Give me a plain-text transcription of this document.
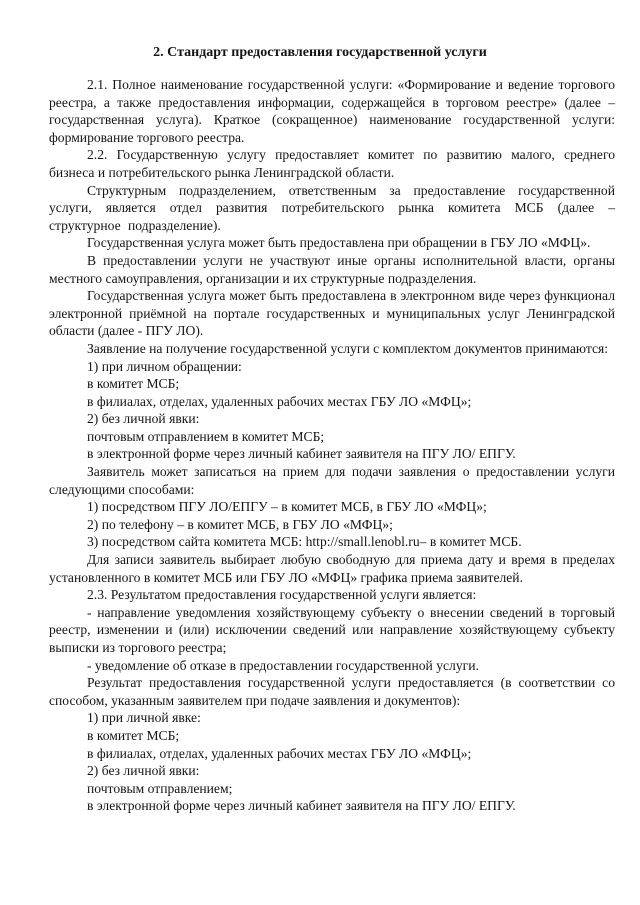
2. Стандарт предоставления государственной услуги

2.1. Полное наименование государственной услуги: «Формирование и ведение торгового реестра, а также предоставления информации, содержащейся в торговом реестре» (далее – государственная услуга). Краткое (сокращенное) наименование государственной услуги: формирование торгового реестра.

2.2. Государственную услугу предоставляет комитет по развитию малого, среднего бизнеса и потребительского рынка Ленинградской области.

Структурным подразделением, ответственным за предоставление государственной услуги, является отдел развития потребительского рынка комитета МСБ (далее – структурное подразделение).

Государственная услуга может быть предоставлена при обращении в ГБУ ЛО «МФЦ».

В предоставлении услуги не участвуют иные органы исполнительной власти, органы местного самоуправления, организации и их структурные подразделения.

Государственная услуга может быть предоставлена в электронном виде через функционал электронной приёмной на портале государственных и муниципальных услуг Ленинградской области (далее - ПГУ ЛО).

Заявление на получение государственной услуги с комплектом документов принимаются:

1) при личном обращении:

в комитет МСБ;

в филиалах, отделах, удаленных рабочих местах ГБУ ЛО «МФЦ»;

2) без личной явки:

почтовым отправлением в комитет МСБ;

в электронной форме через личный кабинет заявителя на ПГУ ЛО/ ЕПГУ.

Заявитель может записаться на прием для подачи заявления о предоставлении услуги следующими способами:

1) посредством ПГУ ЛО/ЕПГУ – в комитет МСБ, в ГБУ ЛО «МФЦ»;

2) по телефону – в комитет МСБ, в ГБУ ЛО «МФЦ»;

3) посредством сайта комитета МСБ: http://small.lenobl.ru– в комитет МСБ.

Для записи заявитель выбирает любую свободную для приема дату и время в пределах установленного в комитет МСБ или ГБУ ЛО «МФЦ» графика приема заявителей.

2.3. Результатом предоставления государственной услуги является:

- направление уведомления хозяйствующему субъекту о внесении сведений в торговый реестр, изменении и (или) исключении сведений или направление хозяйствующему субъекту выписки из торгового реестра;

- уведомление об отказе в предоставлении государственной услуги.

Результат предоставления государственной услуги предоставляется (в соответствии со способом, указанным заявителем при подаче заявления и документов):

1) при личной явке:

в комитет МСБ;

в филиалах, отделах, удаленных рабочих местах ГБУ ЛО «МФЦ»;

2) без личной явки:

почтовым отправлением;

в электронной форме через личный кабинет заявителя на ПГУ ЛО/ ЕПГУ.
